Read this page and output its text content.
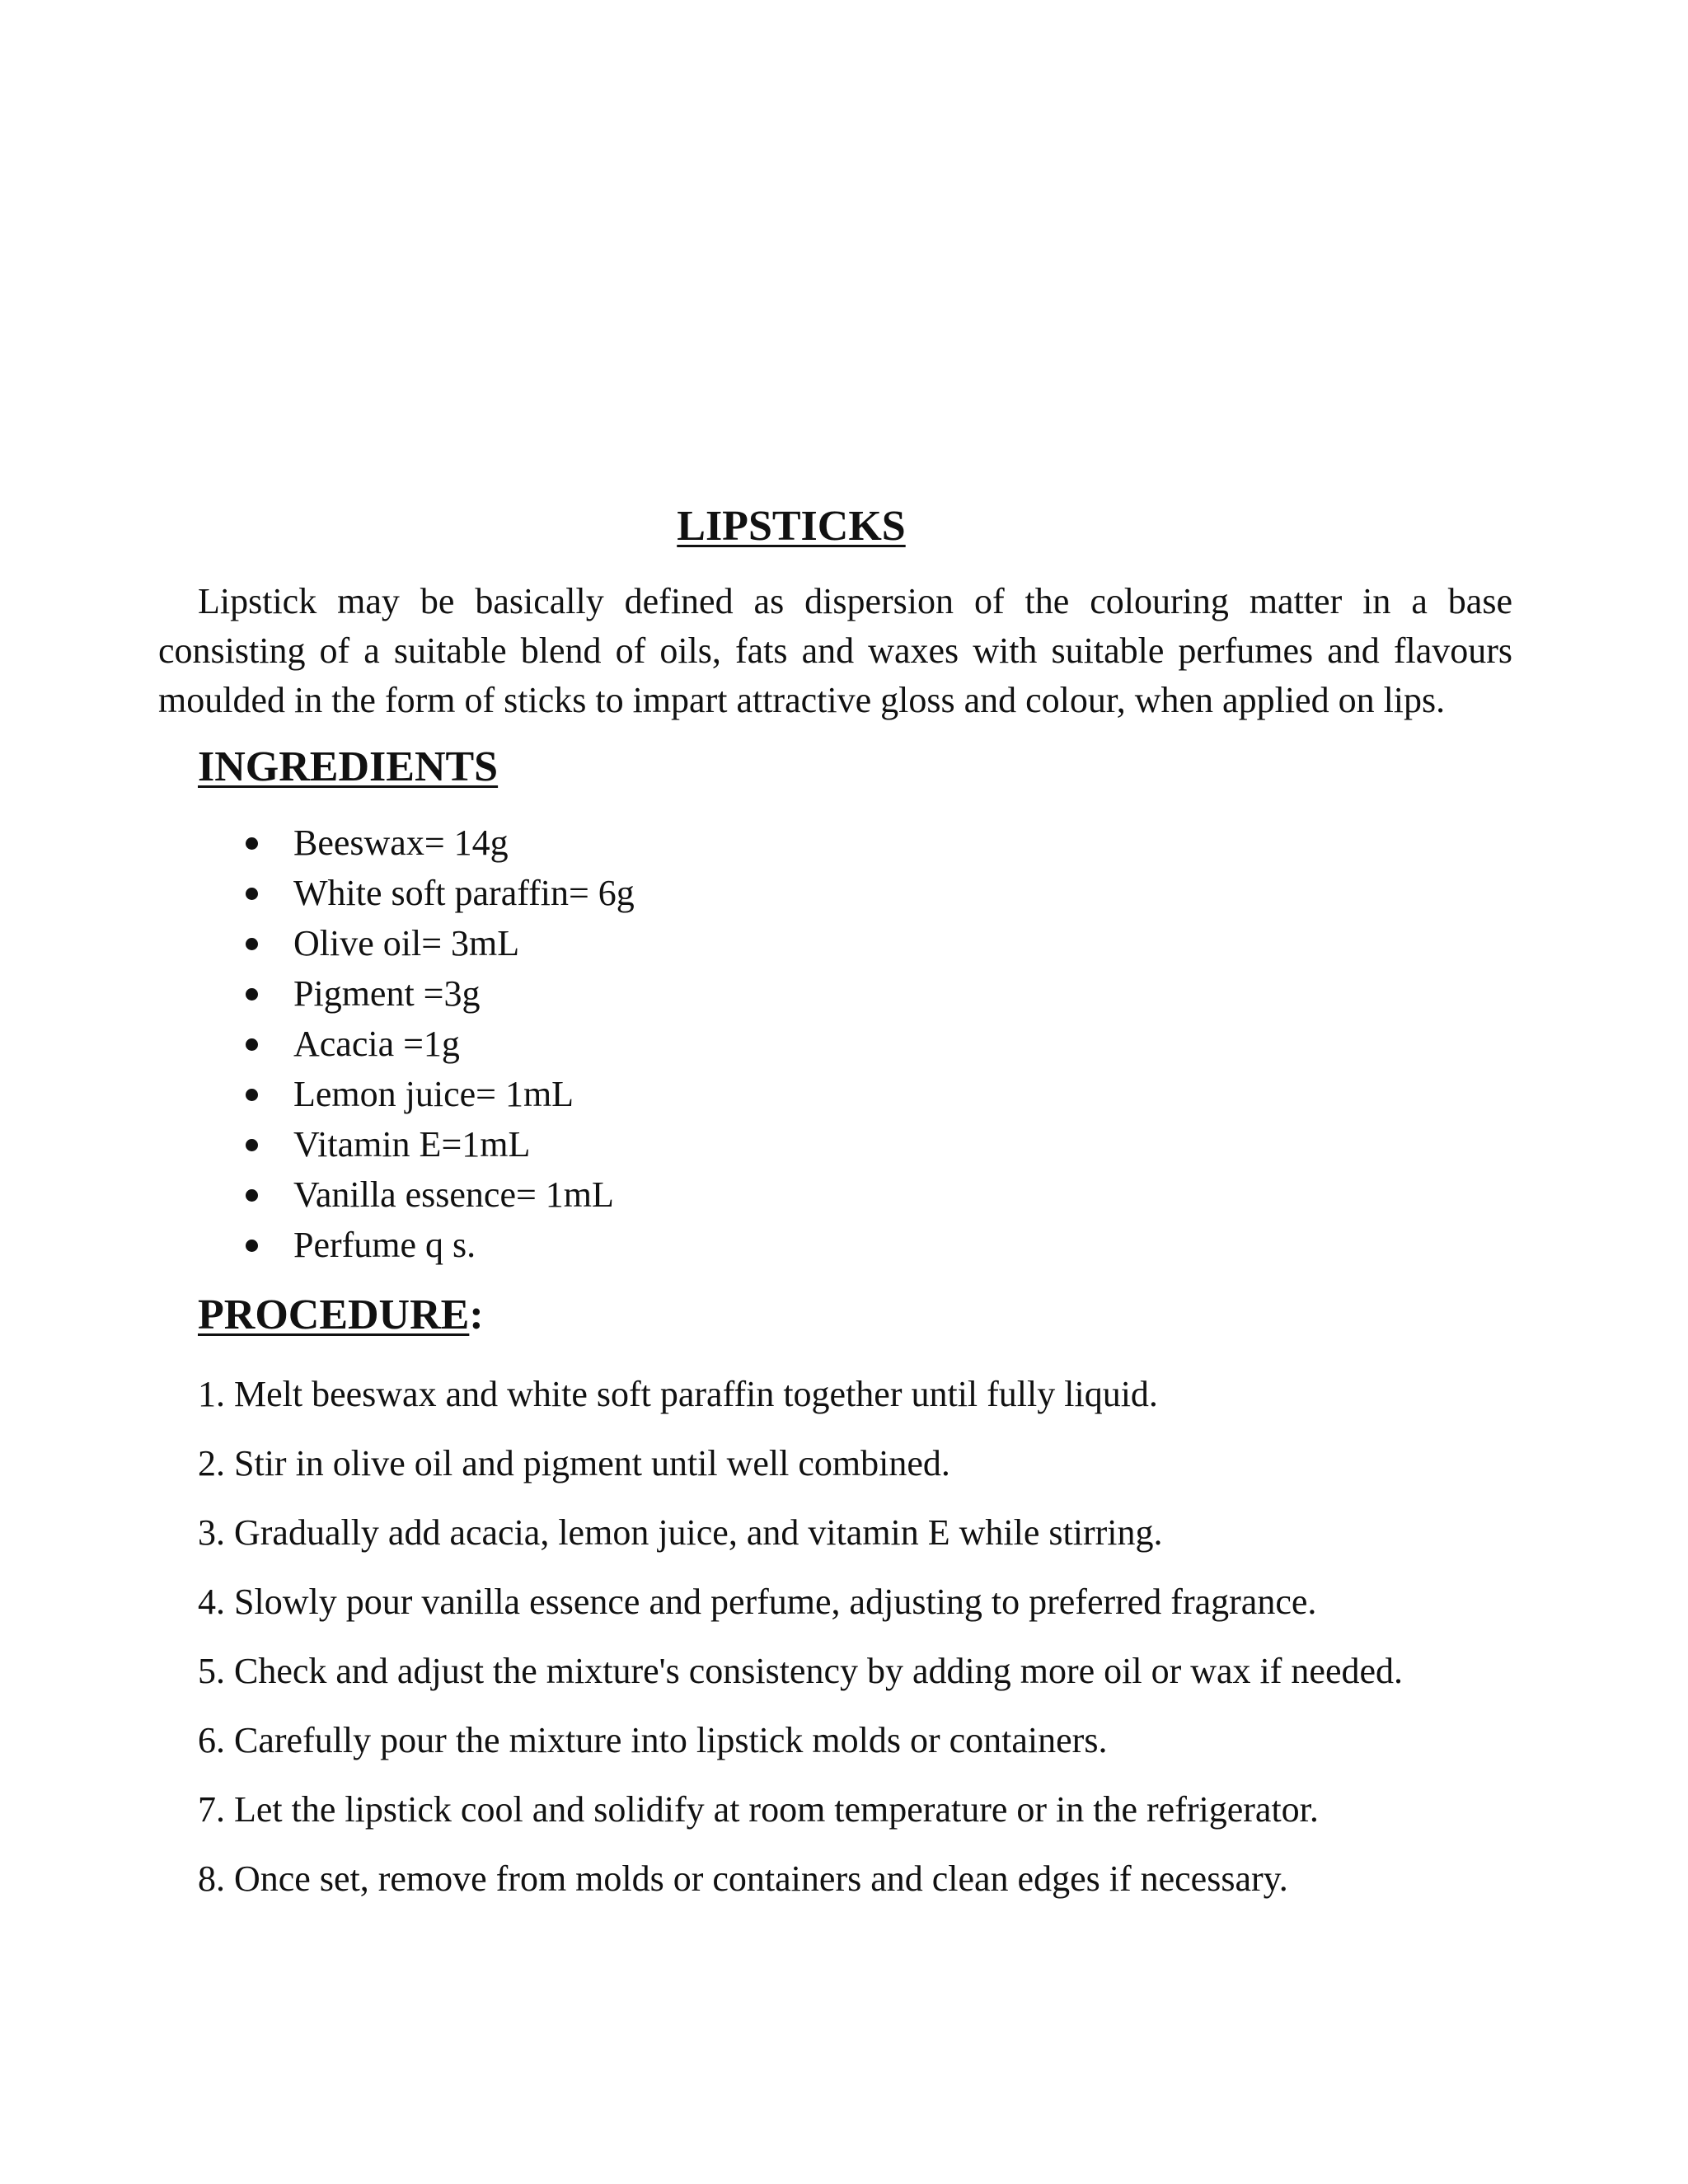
LIPSTICKS

Lipstick may be basically defined as dispersion of the colouring matter in a base consisting of a suitable blend of oils, fats and waxes with suitable perfumes and flavours moulded in the form of sticks to impart attractive gloss and colour, when applied on lips.

INGREDIENTS
Beeswax= 14g
White soft paraffin= 6g
Olive oil= 3mL
Pigment =3g
Acacia =1g
Lemon juice= 1mL
Vitamin E=1mL
Vanilla essence= 1mL
Perfume q s.
PROCEDURE:
1. Melt beeswax and white soft paraffin together until fully liquid.
2. Stir in olive oil and pigment until well combined.
3. Gradually add acacia, lemon juice, and vitamin E while stirring.
4. Slowly pour vanilla essence and perfume, adjusting to preferred fragrance.
5. Check and adjust the mixture's consistency by adding more oil or wax if needed.
6. Carefully pour the mixture into lipstick molds or containers.
7. Let the lipstick cool and solidify at room temperature or in the refrigerator.
8. Once set, remove from molds or containers and clean edges if necessary.
